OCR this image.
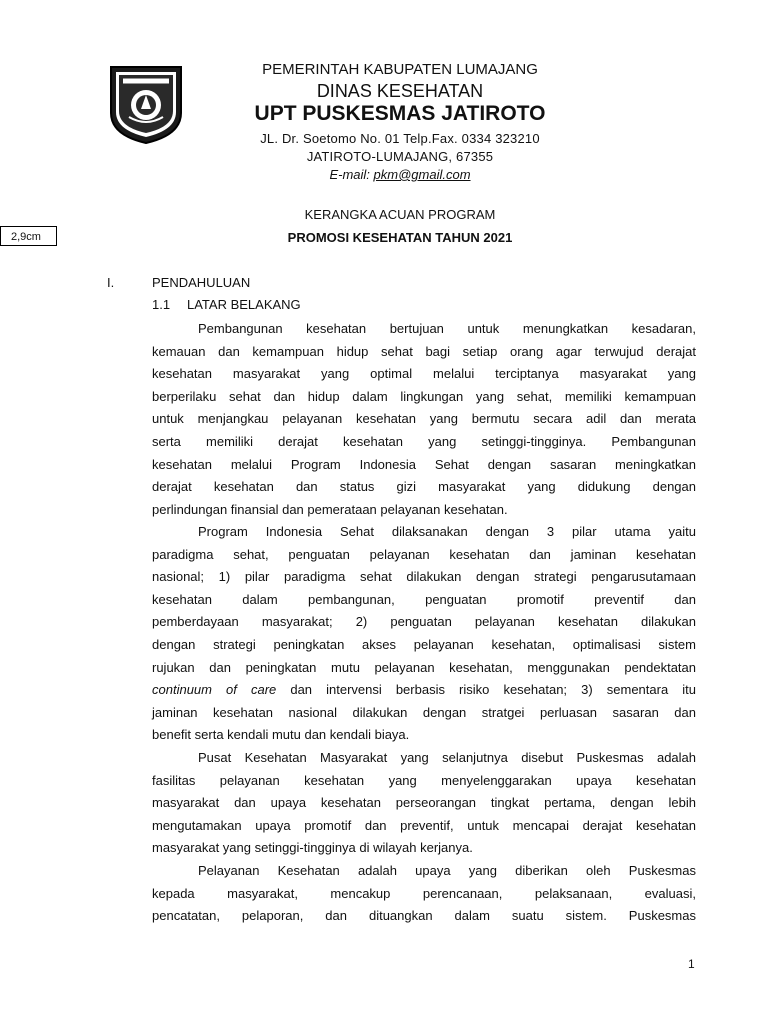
PEMERINTAH KABUPATEN LUMAJANG
DINAS KESEHATAN
UPT PUSKESMAS JATIROTO
JL. Dr. Soetomo No. 01 Telp.Fax. 0334 323210
JATIROTO-LUMAJANG, 67355
E-mail: pkm@gmail.com
2,9cm
KERANGKA ACUAN PROGRAM
PROMOSI KESEHATAN TAHUN 2021
I.	PENDAHULUAN
1.1 LATAR BELAKANG
Pembangunan kesehatan bertujuan untuk menungkatkan kesadaran,
kemauan dan kemampuan hidup sehat bagi setiap orang agar terwujud derajat
kesehatan masyarakat yang optimal melalui terciptanya masyarakat yang
berperilaku sehat dan hidup dalam lingkungan yang sehat, memiliki kemampuan
untuk menjangkau pelayanan kesehatan yang bermutu secara adil dan merata
serta memiliki derajat kesehatan yang setinggi-tingginya. Pembangunan
kesehatan melalui Program Indonesia Sehat dengan sasaran meningkatkan
derajat kesehatan dan status gizi masyarakat yang didukung dengan
perlindungan finansial dan pemerataan pelayanan kesehatan.
Program Indonesia Sehat dilaksanakan dengan 3 pilar utama yaitu
paradigma sehat, penguatan pelayanan kesehatan dan jaminan kesehatan
nasional; 1) pilar paradigma sehat dilakukan dengan strategi pengarusutamaan
kesehatan dalam pembangunan, penguatan promotif preventif dan
pemberdayaan masyarakat; 2) penguatan pelayanan kesehatan dilakukan
dengan strategi peningkatan akses pelayanan kesehatan, optimalisasi sistem
rujukan dan peningkatan mutu pelayanan kesehatan, menggunakan pendektatan
continuum of care dan intervensi berbasis risiko kesehatan; 3) sementara itu
jaminan kesehatan nasional dilakukan dengan stratgei perluasan sasaran dan
benefit serta kendali mutu dan kendali biaya.
Pusat Kesehatan Masyarakat yang selanjutnya disebut Puskesmas adalah
fasilitas pelayanan kesehatan yang menyelenggarakan upaya kesehatan
masyarakat dan upaya kesehatan perseorangan tingkat pertama, dengan lebih
mengutamakan upaya promotif dan preventif, untuk mencapai derajat kesehatan
masyarakat yang setinggi-tingginya di wilayah kerjanya.
Pelayanan Kesehatan adalah upaya yang diberikan oleh Puskesmas
kepada masyarakat, mencakup perencanaan, pelaksanaan, evaluasi,
pencatatan, pelaporan, dan dituangkan dalam suatu sistem. Puskesmas
1
